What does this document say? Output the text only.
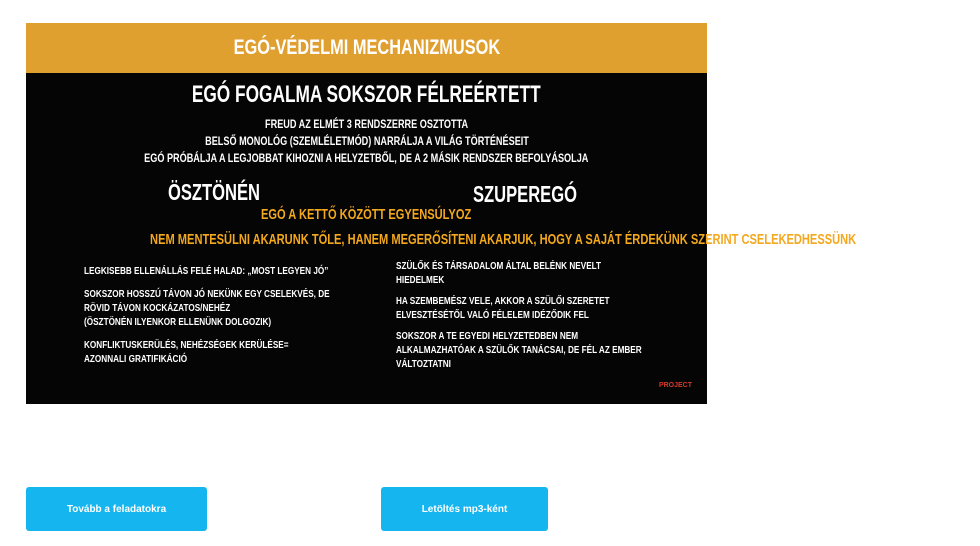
EGÓ-VÉDELMI MECHANIZMUSOK
EGÓ FOGALMA SOKSZOR FÉLREÉRTETT
FREUD AZ ELMÉT 3 RENDSZERRE OSZTOTTA
BELSŐ MONOLÓG (SZEMLÉLETMÓD) NARRÁLJA A VILÁG TÖRTÉNÉSEIT
EGÓ PRÓBÁLJA A LEGJOBBAT KIHOZNI A HELYZETBŐL, DE A 2 MÁSIK RENDSZER BEFOLYÁSOLJA
ÖSZTÖNÉN	SZUPEREGÓ
EGÓ A KETTŐ KÖZÖTT EGYENSÚLYOZ
NEM MENTESÜLNI AKARUNK TŐLE, HANEM MEGERŐSÍTENI AKARJUK, HOGY A SAJÁT ÉRDEKÜNK SZERINT CSELEKEDHESSÜNK
LEGKISEBB ELLENÁLLÁS FELÉ HALAD: „MOST LEGYEN JÓ”
SOKSZOR HOSSZÚ TÁVON JÓ NEKÜNK EGY CSELEKVÉS, DE
RÖVID TÁVON KOCKÁZATOS/NEHÉZ
(ÖSZTÖNÉN ILYENKOR ELLENÜNK DOLGOZIK)
KONFLIKTUSKERÜLÉS, NEHÉZSÉGEK KERÜLÉSE=
AZONNALI GRATIFIKÁCIÓ
SZÜLŐK ÉS TÁRSADALOM ÁLTAL BELÉNK NEVELT
HIEDELMEK
HA SZEMBEMÉSZ VELE, AKKOR A SZÜLŐI SZERETET
ELVESZTÉSÉTŐL VALÓ FÉLELEM IDÉZŐDIK FEL
SOKSZOR A TE EGYEDI HELYZETEDBEN NEM
ALKALMAZHATÓAK A SZÜLŐK TANÁCSAI, DE FÉL AZ EMBER
VÁLTOZTATNI
PROJECT
Tovább a feladatokra	Letöltés mp3-ként
